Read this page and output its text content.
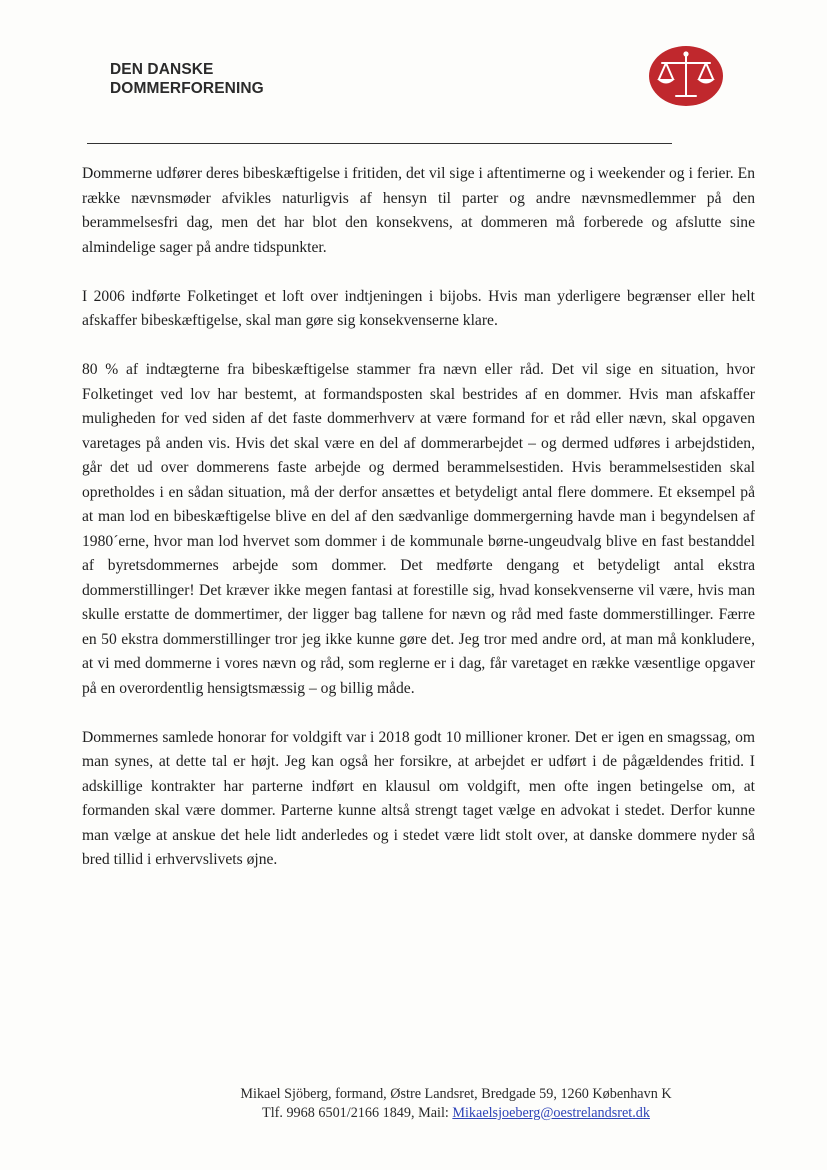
DEN DANSKE
DOMMERFORENING

Dommerne udfører deres bibeskæftigelse i fritiden, det vil sige i aftentimerne og i weekender og i ferier. En række nævnsmøder afvikles naturligvis af hensyn til parter og andre nævnsmedlemmer på den berammelsesfri dag, men det har blot den konsekvens, at dommeren må forberede og afslutte sine almindelige sager på andre tidspunkter.

I 2006 indførte Folketinget et loft over indtjeningen i bijobs. Hvis man yderligere begrænser eller helt afskaffer bibeskæftigelse, skal man gøre sig konsekvenserne klare.

80 % af indtægterne fra bibeskæftigelse stammer fra nævn eller råd. Det vil sige en situation, hvor Folketinget ved lov har bestemt, at formandsposten skal bestrides af en dommer. Hvis man afskaffer muligheden for ved siden af det faste dommerhverv at være formand for et råd eller nævn, skal opgaven varetages på anden vis. Hvis det skal være en del af dommerarbejdet – og dermed udføres i arbejdstiden, går det ud over dommerens faste arbejde og dermed berammelsestiden. Hvis berammelsestiden skal opretholdes i en sådan situation, må der derfor ansættes et betydeligt antal flere dommere. Et eksempel på at man lod en bibeskæftigelse blive en del af den sædvanlige dommergerning havde man i begyndelsen af 1980´erne, hvor man lod hvervet som dommer i de kommunale børne-ungeudvalg blive en fast bestanddel af byretsdommernes arbejde som dommer. Det medførte dengang et betydeligt antal ekstra dommerstillinger! Det kræver ikke megen fantasi at forestille sig, hvad konsekvenserne vil være, hvis man skulle erstatte de dommertimer, der ligger bag tallene for nævn og råd med faste dommerstillinger. Færre en 50 ekstra dommerstillinger tror jeg ikke kunne gøre det. Jeg tror med andre ord, at man må konkludere, at vi med dommerne i vores nævn og råd, som reglerne er i dag, får varetaget en række væsentlige opgaver på en overordentlig hensigtsmæssig – og billig måde.

Dommernes samlede honorar for voldgift var i 2018 godt 10 millioner kroner. Det er igen en smagssag, om man synes, at dette tal er højt. Jeg kan også her forsikre, at arbejdet er udført i de pågældendes fritid. I adskillige kontrakter har parterne indført en klausul om voldgift, men ofte ingen betingelse om, at formanden skal være dommer. Parterne kunne altså strengt taget vælge en advokat i stedet. Derfor kunne man vælge at anskue det hele lidt anderledes og i stedet være lidt stolt over, at danske dommere nyder så bred tillid i erhvervslivets øjne.

Mikael Sjöberg, formand, Østre Landsret, Bredgade 59, 1260 København K
Tlf. 9968 6501/2166 1849, Mail: Mikaelsjoeberg@oestrelandsret.dk
